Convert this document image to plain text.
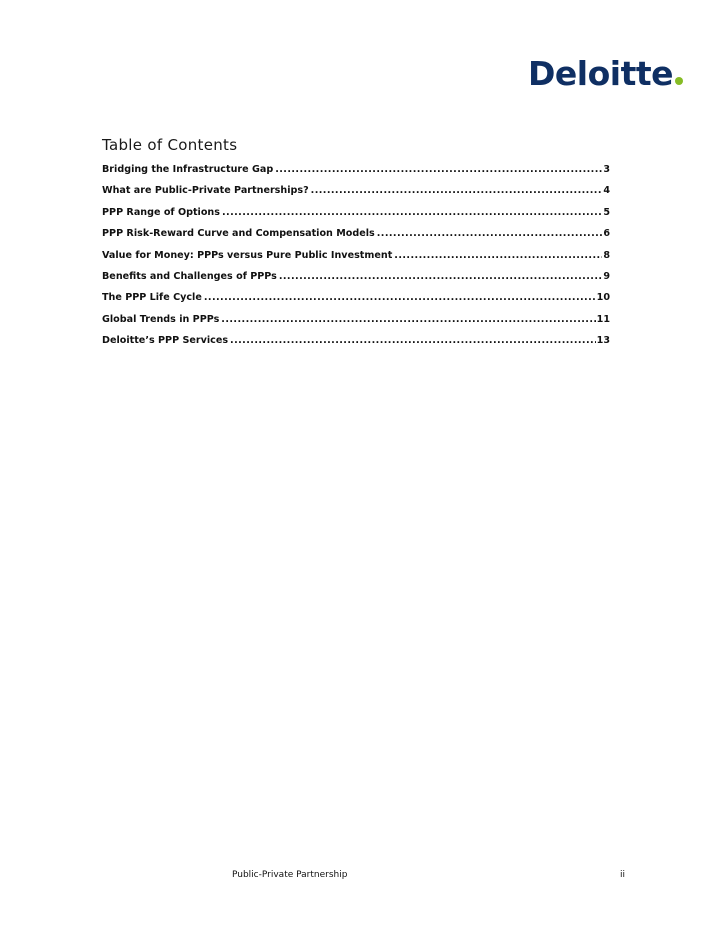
Deloitte
Table of Contents
Bridging the Infrastructure Gap .....	3
What are Public-Private Partnerships? .....	4
PPP Range of Options .....	5
PPP Risk-Reward Curve and Compensation Models .....	6
Value for Money: PPPs versus Pure Public Investment .....	8
Benefits and Challenges of PPPs .....	9
The PPP Life Cycle .....	10
Global Trends in PPPs .....	11
Deloitte’s PPP Services .....	13
Public-Private Partnership	ii
